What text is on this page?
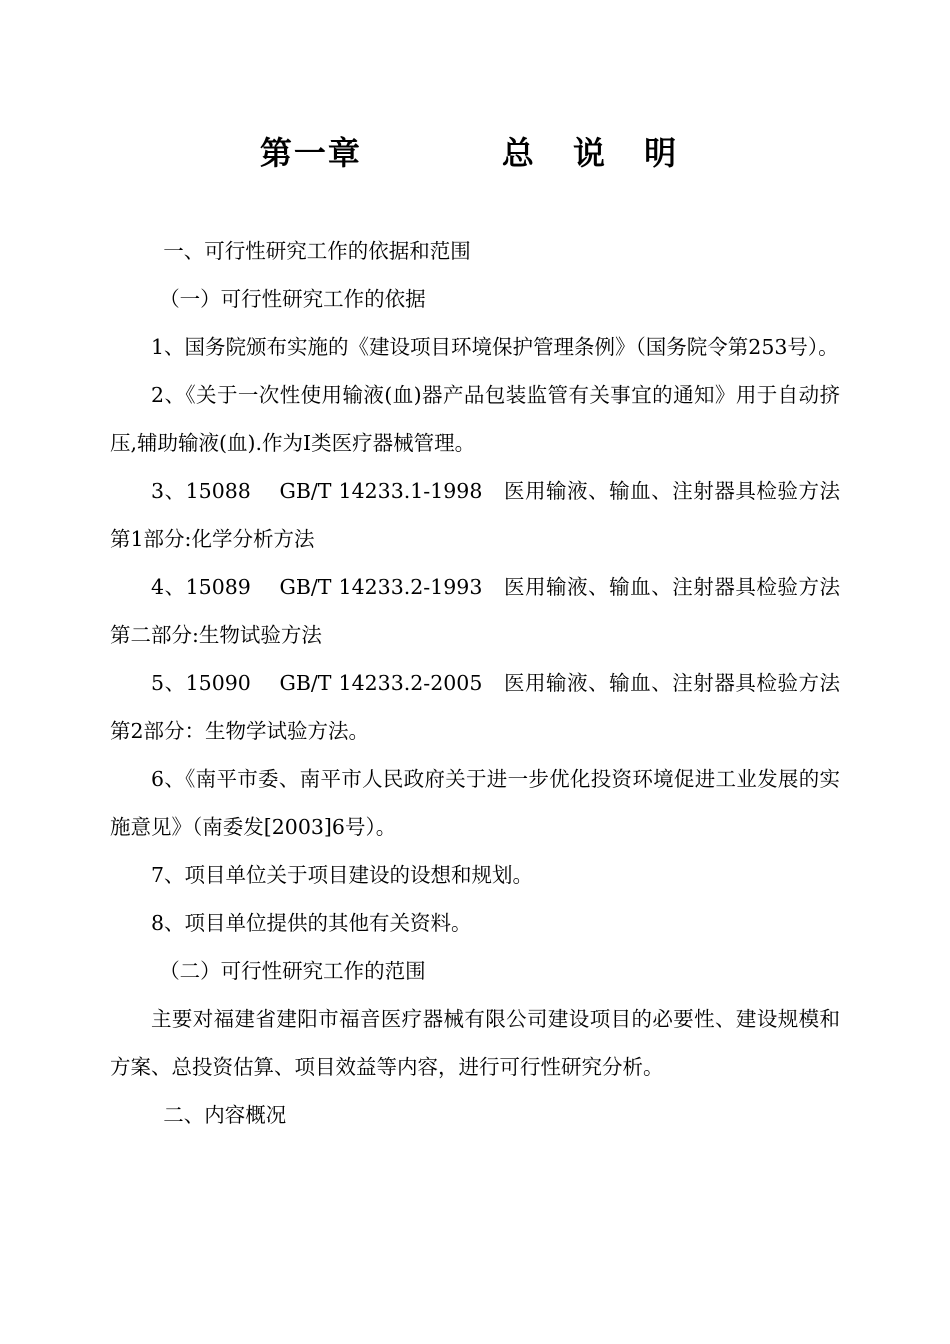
第一章	总 说 明

一、可行性研究工作的依据和范围

（一）可行性研究工作的依据

1、国务院颁布实施的《建设项目环境保护管理条例》（国务院令第253号）。

2、《关于一次性使用输液(血)器产品包装监管有关事宜的通知》用于自动挤压,辅助输液(血).作为Ⅰ类医疗器械管理。

3、15088　 GB/T 14233.1-1998　医用输液、输血、注射器具检验方法 第1部分:化学分析方法

4、15089　 GB/T 14233.2-1993　医用输液、输血、注射器具检验方法 第二部分:生物试验方法

5、15090　 GB/T 14233.2-2005　医用输液、输血、注射器具检验方法 第2部分：生物学试验方法。

6、《南平市委、南平市人民政府关于进一步优化投资环境促进工业发展的实施意见》（南委发[2003]6号）。

7、项目单位关于项目建设的设想和规划。

8、项目单位提供的其他有关资料。

（二）可行性研究工作的范围

主要对福建省建阳市福音医疗器械有限公司建设项目的必要性、建设规模和方案、总投资估算、项目效益等内容，进行可行性研究分析。

二、内容概况
